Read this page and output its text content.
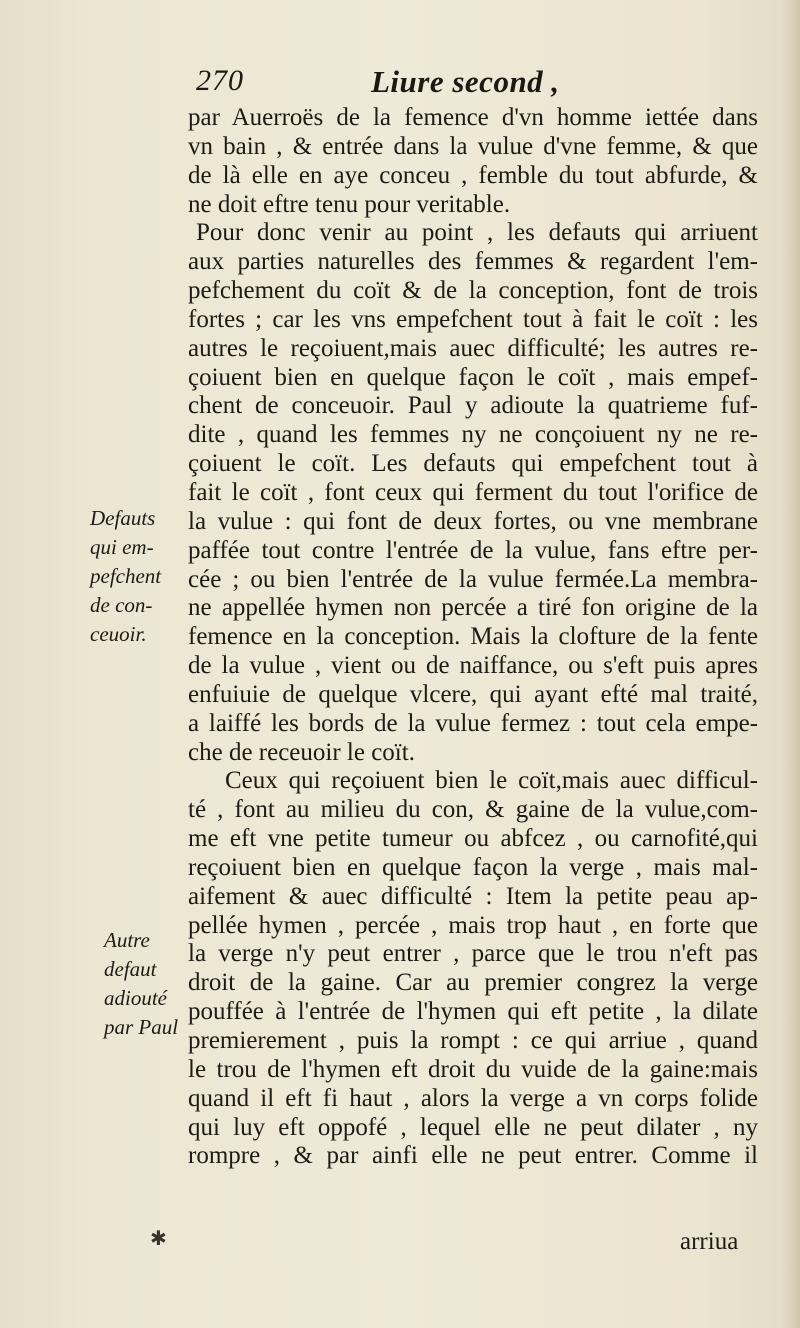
270	Liure second ,
par Auerroës de la femence d'vn homme iettée dans
vn bain , & entrée dans la vulue d'vne femme, & que
de là elle en aye conceu , femble du tout abfurde, &
ne doit eftre tenu pour veritable.
Pour donc venir au point , les defauts qui arriuent
aux parties naturelles des femmes & regardent l'em-
pefchement du coït & de la conception, font de trois
fortes ; car les vns empefchent tout à fait le coït : les
autres le reçoiuent,mais auec difficulté; les autres re-
çoiuent bien en quelque façon le coït , mais empef-
chent de conceuoir. Paul y adioute la quatrieme fuf-
dite , quand les femmes ny ne conçoiuent ny ne re-
çoiuent le coït. Les defauts qui empefchent tout à
fait le coït , font ceux qui ferment du tout l'orifice de
la vulue : qui font de deux fortes, ou vne membrane
paffée tout contre l'entrée de la vulue, fans eftre per-
cée ; ou bien l'entrée de la vulue fermée.La membra-
ne appellée hymen non percée a tiré fon origine de la
femence en la conception. Mais la clofture de la fente
de la vulue , vient ou de naiffance, ou s'eft puis apres
enfuiuie de quelque vlcere, qui ayant efté mal traité,
a laiffé les bords de la vulue fermez : tout cela empe-
che de receuoir le coït.
Ceux qui reçoiuent bien le coït,mais auec difficul-
té , font au milieu du con, & gaine de la vulue,com-
me eft vne petite tumeur ou abfcez , ou carnofité,qui
reçoiuent bien en quelque façon la verge , mais mal-
aifement & auec difficulté : Item la petite peau ap-
pellée hymen , percée , mais trop haut , en forte que
la verge n'y peut entrer , parce que le trou n'eft pas
droit de la gaine. Car au premier congrez la verge
pouffée à l'entrée de l'hymen qui eft petite , la dilate
premierement , puis la rompt : ce qui arriue , quand
le trou de l'hymen eft droit du vuide de la gaine:mais
quand il eft fi haut , alors la verge a vn corps folide
qui luy eft oppofé , lequel elle ne peut dilater , ny
rompre , & par ainfi elle ne peut entrer. Comme il
Defauts
qui em-
pefchent
de con-
ceuoir.
Autre
defaut
adiouté
par Paul
✱	arriua
